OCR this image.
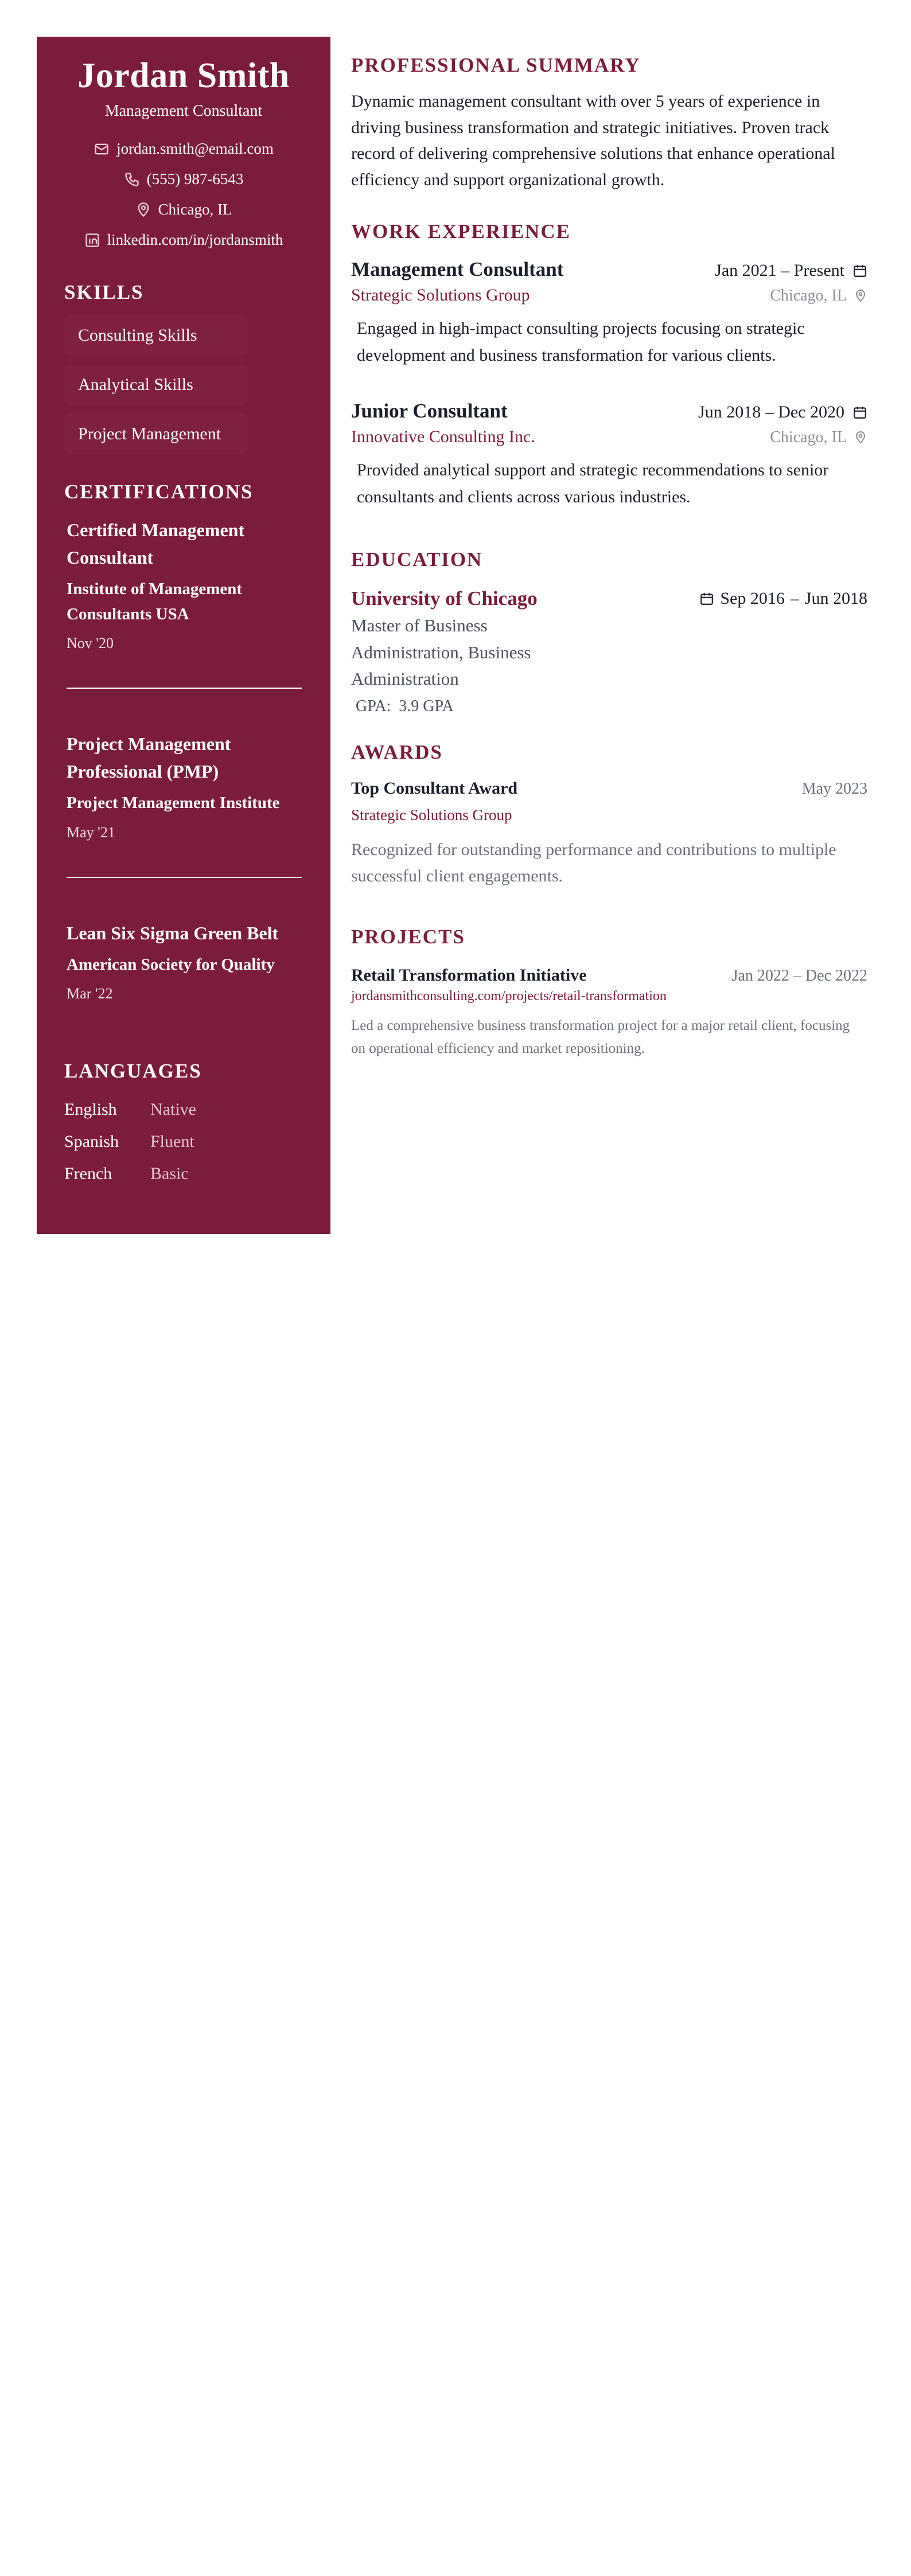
Jordan Smith
Management Consultant
jordan.smith@email.com
(555) 987-6543
Chicago, IL
linkedin.com/in/jordansmith
SKILLS
Consulting Skills
Analytical Skills
Project Management
CERTIFICATIONS
Certified Management Consultant
Institute of Management Consultants USA
Nov '20
Project Management Professional (PMP)
Project Management Institute
May '21
Lean Six Sigma Green Belt
American Society for Quality
Mar '22
LANGUAGES
English	Native
Spanish	Fluent
French	Basic
PROFESSIONAL SUMMARY

Dynamic management consultant with over 5 years of experience in driving business transformation and strategic initiatives. Proven track record of delivering comprehensive solutions that enhance operational efficiency and support organizational growth.

WORK EXPERIENCE
Management Consultant	Jan 2021 – Present
Strategic Solutions Group	Chicago, IL

Engaged in high-impact consulting projects focusing on strategic development and business transformation for various clients.

Junior Consultant	Jun 2018 – Dec 2020
Innovative Consulting Inc.	Chicago, IL

Provided analytical support and strategic recommendations to senior consultants and clients across various industries.

EDUCATION
University of Chicago	Sep 2016 – Jun 2018
Master of Business Administration, Business Administration
GPA: 3.9 GPA
AWARDS
Top Consultant Award	May 2023
Strategic Solutions Group

Recognized for outstanding performance and contributions to multiple successful client engagements.

PROJECTS
Retail Transformation Initiative	Jan 2022 – Dec 2022
jordansmithconsulting.com/projects/retail-transformation

Led a comprehensive business transformation project for a major retail client, focusing on operational efficiency and market repositioning.
